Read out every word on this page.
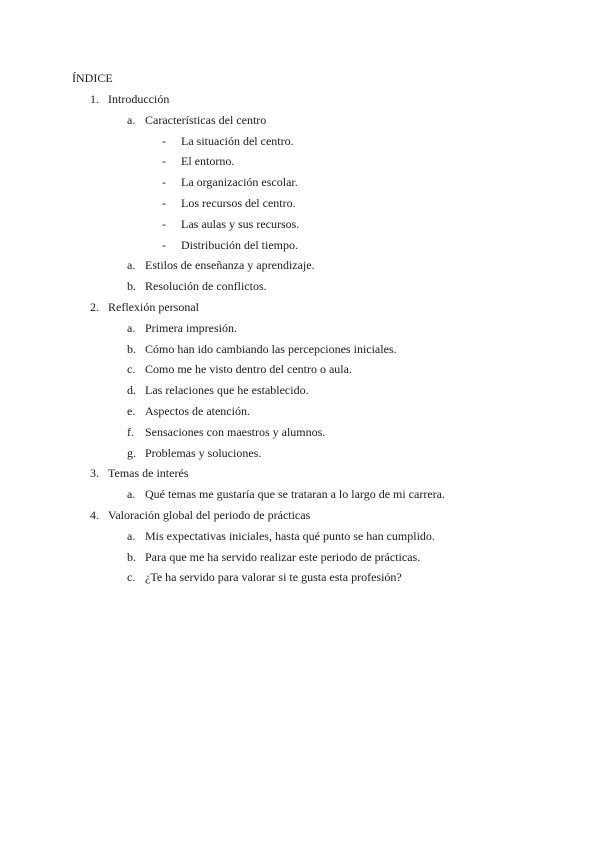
ÍNDICE
1. Introducción
a. Características del centro
- La situación del centro.
- El entorno.
- La organización escolar.
- Los recursos del centro.
- Las aulas y sus recursos.
- Distribución del tiempo.
a. Estilos de enseñanza y aprendizaje.
b. Resolución de conflictos.
2. Reflexión personal
a. Primera impresión.
b. Cómo han ido cambiando las percepciones iniciales.
c. Como me he visto dentro del centro o aula.
d. Las relaciones que he establecido.
e. Aspectos de atención.
f. Sensaciones con maestros y alumnos.
g. Problemas y soluciones.
3. Temas de interés
a. Qué temas me gustaría que se trataran a lo largo de mi carrera.
4. Valoración global del periodo de prácticas
a. Mis expectativas iniciales, hasta qué punto se han cumplido.
b. Para que me ha servido realizar este periodo de prácticas.
c. ¿Te ha servido para valorar si te gusta esta profesión?
